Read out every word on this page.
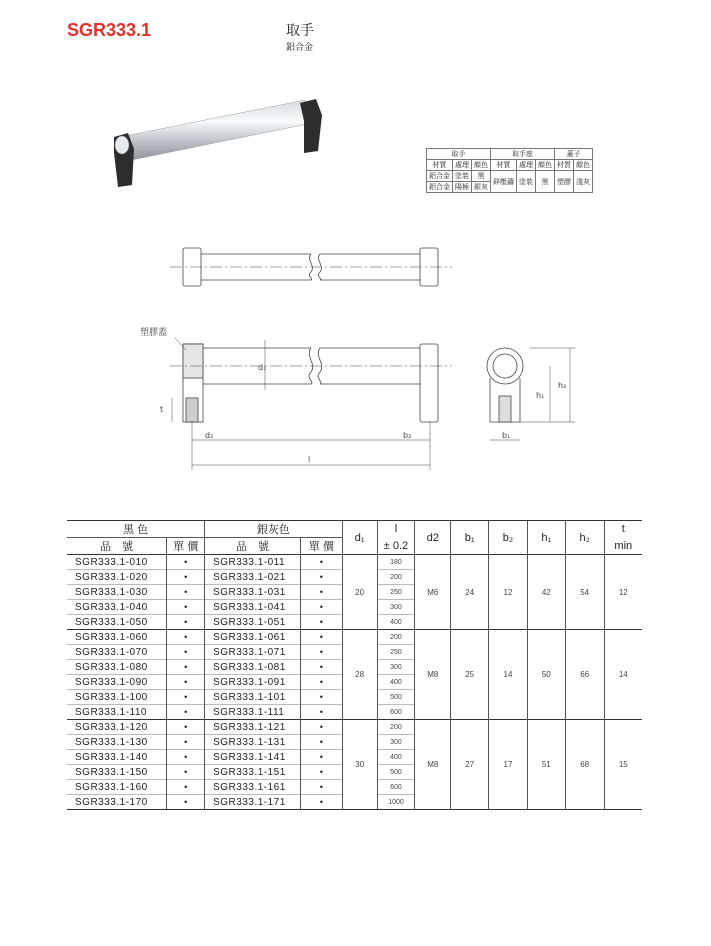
SGR333.1	取手
鋁合金
取手			取手座			蓋子	
材質	處理	顏色	材質	處理	顏色	材質	顏色
鋁合金	塗裝	黑	鋅壓鑄	塗裝	黑	塑膠	淺灰
鋁合金	陽極	銀灰					
塑膠蓋
d₁
t
d₂	b₂
l
b₁
h₁
h₂
黑 色		銀灰色		d₁	l	d2	b₁	b₂	h₁	h₂	t
品　號	單 價	品　號	單 價		± 0.2						min
SGR333.1-010	•	SGR333.1-011	•	20	180	M6	24	12	42	54	12
SGR333.1-020	•	SGR333.1-021	•		200						
SGR333.1-030	•	SGR333.1-031	•		250						
SGR333.1-040	•	SGR333.1-041	•		300						
SGR333.1-050	•	SGR333.1-051	•		400						
SGR333.1-060	•	SGR333.1-061	•	28	200	M8	25	14	50	66	14
SGR333.1-070	•	SGR333.1-071	•		250						
SGR333.1-080	•	SGR333.1-081	•		300						
SGR333.1-090	•	SGR333.1-091	•		400						
SGR333.1-100	•	SGR333.1-101	•		500						
SGR333.1-110	•	SGR333.1-111	•		600						
SGR333.1-120	•	SGR333.1-121	•	30	200	M8	27	17	51	68	15
SGR333.1-130	•	SGR333.1-131	•		300						
SGR333.1-140	•	SGR333.1-141	•		400						
SGR333.1-150	•	SGR333.1-151	•		500						
SGR333.1-160	•	SGR333.1-161	•		600						
SGR333.1-170	•	SGR333.1-171	•		1000						
